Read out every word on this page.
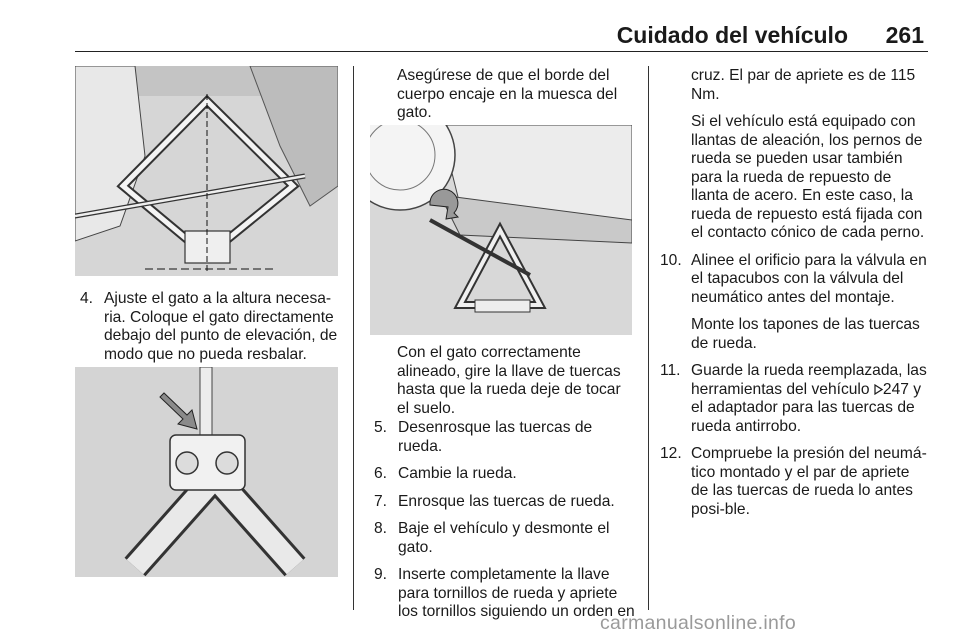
Cuidado del vehículo 261
4. Ajuste el gato a la altura necesa-ria. Coloque el gato directamente debajo del punto de elevación, de modo que no pueda resbalar.

Asegúrese de que el borde del cuerpo encaje en la muesca del gato.

Con el gato correctamente alineado, gire la llave de tuercas hasta que la rueda deje de tocar el suelo.

5. Desenrosque las tuercas de rueda.
6. Cambie la rueda.
7. Enrosque las tuercas de rueda.
8. Baje el vehículo y desmonte el gato.
9. Inserte completamente la llave para tornillos de rueda y apriete los tornillos siguiendo un orden en

cruz. El par de apriete es de 115 Nm.

Si el vehículo está equipado con llantas de aleación, los pernos de rueda se pueden usar también para la rueda de repuesto de llanta de acero. En este caso, la rueda de repuesto está fijada con el contacto cónico de cada perno.

10. Alinee el orificio para la válvula en el tapacubos con la válvula del neumático antes del montaje.

Monte los tapones de las tuercas de rueda.

11. Guarde la rueda reemplazada, las herramientas del vehículo 247 y el adaptador para las tuercas de rueda antirrobo.
12. Compruebe la presión del neumá-tico montado y el par de apriete de las tuercas de rueda lo antes posi-ble.
carmanualsonline.info
